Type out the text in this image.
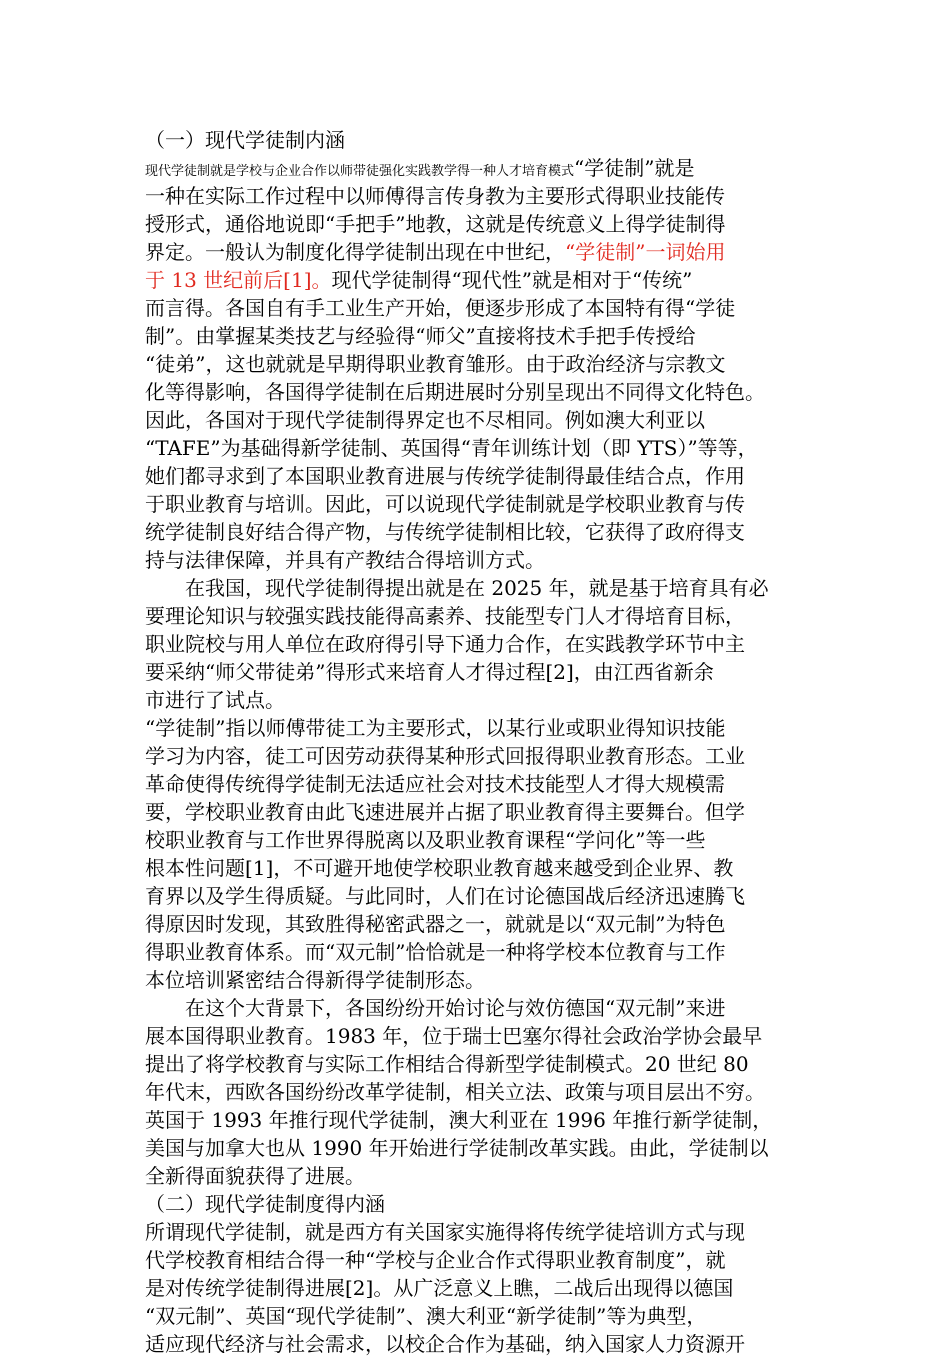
（一）现代学徒制内涵
现代学徒制就是学校与企业合作以师带徒强化实践教学得一种人才培育模式“学徒制”就是
一种在实际工作过程中以师傅得言传身教为主要形式得职业技能传
授形式，通俗地说即“手把手”地教，这就是传统意义上得学徒制得
界定。一般认为制度化得学徒制出现在中世纪，“学徒制”一词始用
于 13 世纪前后[1]。现代学徒制得“现代性”就是相对于“传统”
而言得。各国自有手工业生产开始，便逐步形成了本国特有得“学徒
制”。由掌握某类技艺与经验得“师父”直接将技术手把手传授给
“徒弟”，这也就就是早期得职业教育雏形。由于政治经济与宗教文
化等得影响，各国得学徒制在后期进展时分别呈现出不同得文化特色。
因此，各国对于现代学徒制得界定也不尽相同。例如澳大利亚以
“TAFE”为基础得新学徒制、英国得“青年训练计划（即 YTS）”等等，
她们都寻求到了本国职业教育进展与传统学徒制得最佳结合点，作用
于职业教育与培训。因此，可以说现代学徒制就是学校职业教育与传
统学徒制良好结合得产物，与传统学徒制相比较，它获得了政府得支
持与法律保障，并具有产教结合得培训方式。
　　在我国，现代学徒制得提出就是在 2025 年，就是基于培育具有必
要理论知识与较强实践技能得高素养、技能型专门人才得培育目标，
职业院校与用人单位在政府得引导下通力合作，在实践教学环节中主
要采纳“师父带徒弟”得形式来培育人才得过程[2]，由江西省新余
市进行了试点。
“学徒制”指以师傅带徒工为主要形式，以某行业或职业得知识技能
学习为内容，徒工可因劳动获得某种形式回报得职业教育形态。工业
革命使得传统得学徒制无法适应社会对技术技能型人才得大规模需
要，学校职业教育由此飞速进展并占据了职业教育得主要舞台。但学
校职业教育与工作世界得脱离以及职业教育课程“学问化”等一些
根本性问题[1]，不可避开地使学校职业教育越来越受到企业界、教
育界以及学生得质疑。与此同时，人们在讨论德国战后经济迅速腾飞
得原因时发现，其致胜得秘密武器之一，就就是以“双元制”为特色
得职业教育体系。而“双元制”恰恰就是一种将学校本位教育与工作
本位培训紧密结合得新得学徒制形态。
　　在这个大背景下，各国纷纷开始讨论与效仿德国“双元制”来进
展本国得职业教育。1983 年，位于瑞士巴塞尔得社会政治学协会最早
提出了将学校教育与实际工作相结合得新型学徒制模式。20 世纪 80
年代末，西欧各国纷纷改革学徒制，相关立法、政策与项目层出不穷。
英国于 1993 年推行现代学徒制，澳大利亚在 1996 年推行新学徒制，
美国与加拿大也从 1990 年开始进行学徒制改革实践。由此，学徒制以
全新得面貌获得了进展。
（二）现代学徒制度得内涵
所谓现代学徒制，就是西方有关国家实施得将传统学徒培训方式与现
代学校教育相结合得一种“学校与企业合作式得职业教育制度”，就
是对传统学徒制得进展[2]。从广泛意义上瞧，二战后出现得以德国
“双元制”、英国“现代学徒制”、澳大利亚“新学徒制”等为典型，
适应现代经济与社会需求，以校企合作为基础，纳入国家人力资源开
